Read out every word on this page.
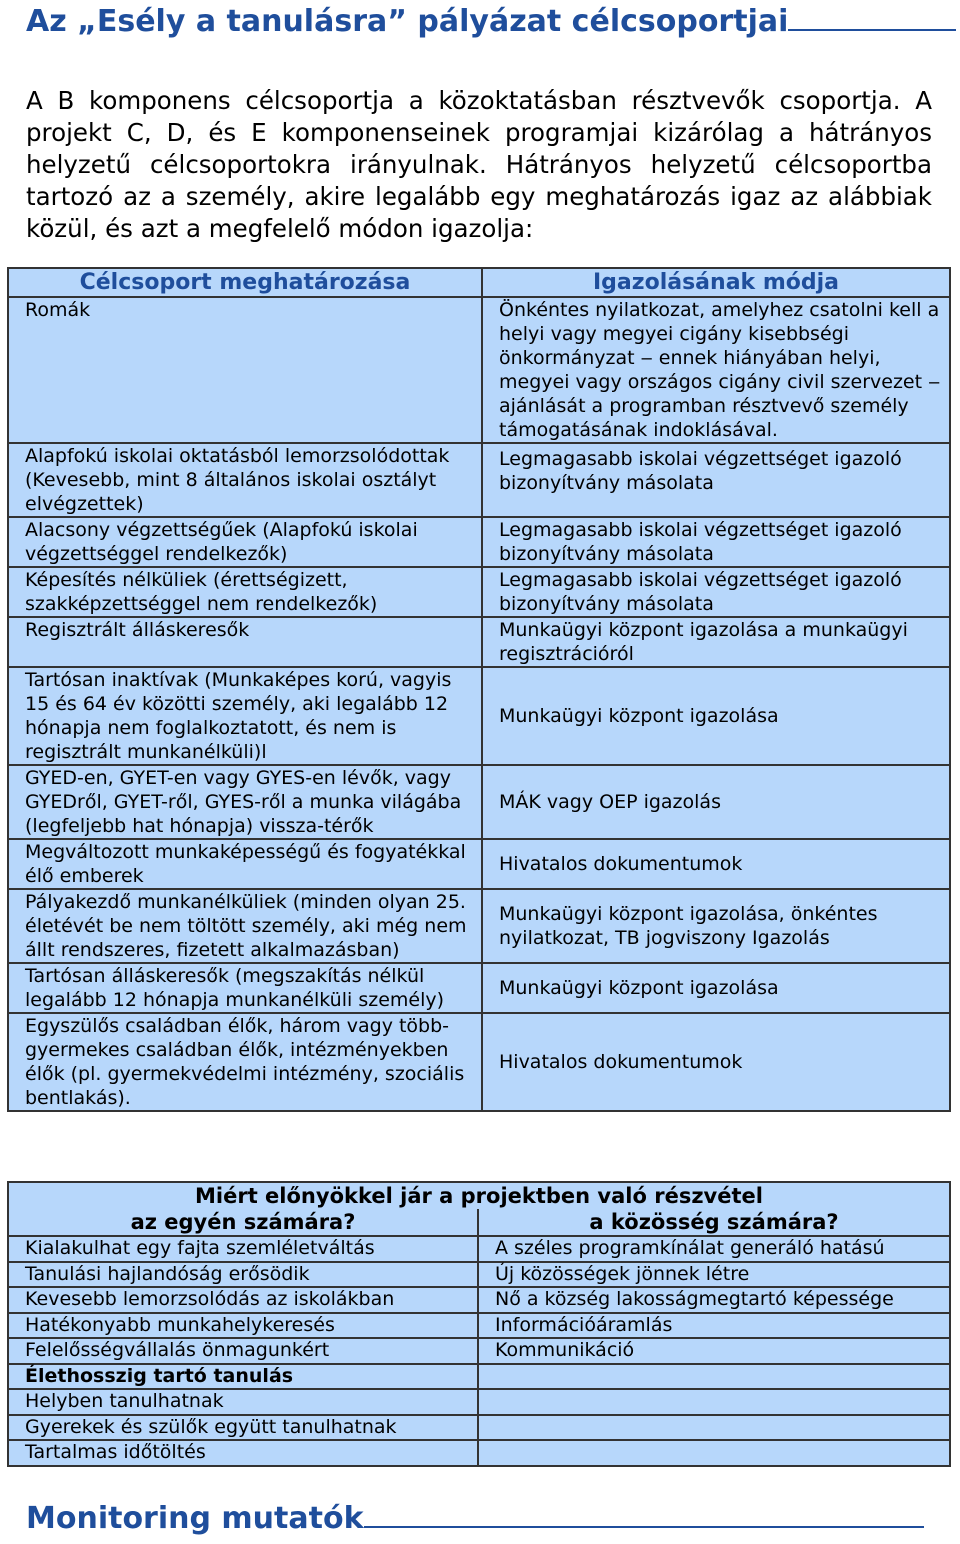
Az „Esély a tanulásra” pályázat célcsoportjai

A B komponens célcsoportja a közoktatásban résztvevők csoportja. A projekt C, D, és E komponenseinek programjai kizárólag a hátrányos helyzetű célcsoportokra irányulnak. Hátrányos helyzetű célcsoportba tartozó az a személy, akire legalább egy meghatározás igaz az alábbiak közül, és azt a megfelelő módon igazolja:

Célcsoport meghatározása	Igazolásának módja
Romák	Önkéntes nyilatkozat, amelyhez csatolni kell a helyi vagy megyei cigány kisebbségi önkormányzat ‒ ennek hiányában helyi, megyei vagy országos cigány civil szervezet ‒ ajánlását a programban résztvevő személy támogatásának indoklásával.
Alapfokú iskolai oktatásból lemorzsolódottak (Kevesebb, mint 8 általános iskolai osztályt elvégzettek)	Legmagasabb iskolai végzettséget igazoló bizonyítvány másolata
Alacsony végzettségűek (Alapfokú iskolai végzettséggel rendelkezők)	Legmagasabb iskolai végzettséget igazoló bizonyítvány másolata
Képesítés nélküliek (érettségizett, szakképzettséggel nem rendelkezők)	Legmagasabb iskolai végzettséget igazoló bizonyítvány másolata
Regisztrált álláskeresők	Munkaügyi központ igazolása a munkaügyi regisztrációról
Tartósan inaktívak (Munkaképes korú, vagyis 15 és 64 év közötti személy, aki legalább 12 hónapja nem foglalkoztatott, és nem is regisztrált munkanélküli)l	Munkaügyi központ igazolása
GYED-en, GYET-en vagy GYES-en lévők, vagy GYEDről, GYET-ről, GYES-ről a munka világába (legfeljebb hat hónapja) vissza-térők	MÁK vagy OEP igazolás
Megváltozott munkaképességű és fogyatékkal élő emberek	Hivatalos dokumentumok
Pályakezdő munkanélküliek (minden olyan 25. életévét be nem töltött személy, aki még nem állt rendszeres, fizetett alkalmazásban)	Munkaügyi központ igazolása, önkéntes nyilatkozat, TB jogviszony Igazolás
Tartósan álláskeresők (megszakítás nélkül legalább 12 hónapja munkanélküli személy)	Munkaügyi központ igazolása
Egyszülős családban élők, három vagy több-gyermekes családban élők, intézményekben élők (pl. gyermekvédelmi intézmény, szociális bentlakás).	Hivatalos dokumentumok
Miért előnyökkel jár a projektben való részvétel	
az egyén számára?	a közösség számára?
Kialakulhat egy fajta szemléletváltás	A széles programkínálat generáló hatású
Tanulási hajlandóság erősödik	Új közösségek jönnek létre
Kevesebb lemorzsolódás az iskolákban	Nő a község lakosságmegtartó képessége
Hatékonyabb munkahelykeresés	Információáramlás
Felelősségvállalás önmagunkért	Kommunikáció
Élethosszig tartó tanulás	
Helyben tanulhatnak	
Gyerekek és szülők együtt tanulhatnak	
Tartalmas időtöltés	
Monitoring mutatók
